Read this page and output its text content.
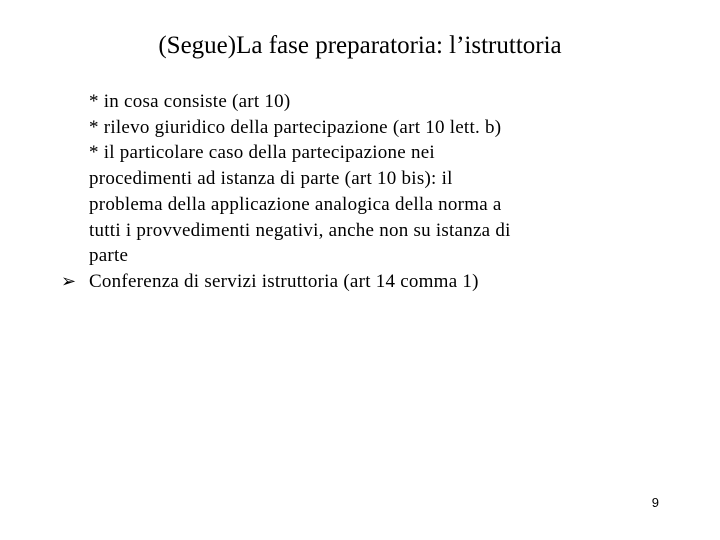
(Segue)La fase preparatoria: l’istruttoria
* in cosa consiste (art 10)
* rilevo giuridico della partecipazione (art 10 lett. b)
* il particolare caso della partecipazione nei
procedimenti ad istanza di parte (art 10 bis): il
problema della applicazione analogica della norma a
tutti i provvedimenti negativi, anche non su istanza di
parte
➢ Conferenza di servizi istruttoria (art 14 comma 1)
9
